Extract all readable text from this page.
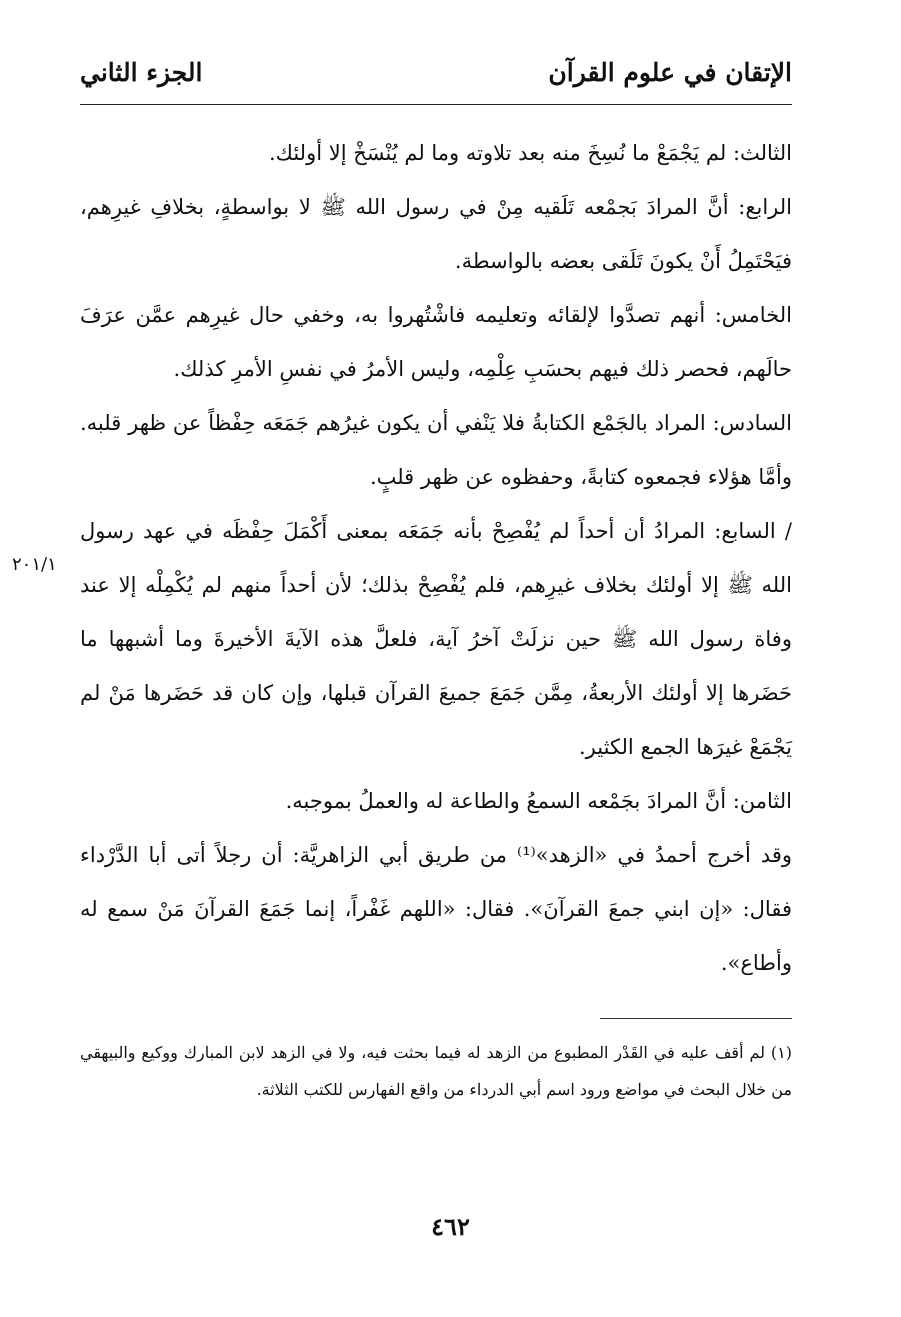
الإتقان في علوم القرآن
الجزء الثاني

الثالث: لم يَجْمَعْ ما نُسِخَ منه بعد تلاوته وما لم يُنْسَخْ إلا أولئك.

الرابع: أنَّ المرادَ بَجمْعه تَلَقيه مِنْ في رسول الله ﷺ لا بواسطةٍ، بخلافِ غيرِهم، فيَحْتَمِلُ أَنْ يكونَ تَلَقى بعضه بالواسطة.

الخامس: أنهم تصدَّوا لإلقائه وتعليمه فاشْتُهروا به، وخفي حال غيرِهم عمَّن عرَفَ حالَهم، فحصر ذلك فيهم بحسَبِ عِلْمِه، وليس الأمرُ في نفسِ الأمرِ كذلك.

السادس: المراد بالجَمْع الكتابةُ فلا يَنْفي أن يكون غيرُهم جَمَعَه حِفْظاً عن ظهر قلبه. وأمَّا هؤلاء فجمعوه كتابةً، وحفظوه عن ظهر قلبٍ.

/ السابع: المرادُ أن أحداً لم يُفْصِحْ بأنه جَمَعَه بمعنى أَكْمَلَ حِفْظَه في عهد رسول الله ﷺ إلا أولئك بخلاف غيرِهم، فلم يُفْصِحْ بذلك؛ لأن أحداً منهم لم يُكْمِلْه إلا عند وفاة رسول الله ﷺ حين نزلَتْ آخرُ آية، فلعلَّ هذه الآيةَ الأخيرةَ وما أشبهها ما حَضَرها إلا أولئك الأربعةُ، مِمَّن جَمَعَ جميعَ القرآن قبلها، وإن كان قد حَضَرها مَنْ لم يَجْمَعْ غيرَها الجمع الكثير.

الثامن: أنَّ المرادَ بجَمْعه السمعُ والطاعة له والعملُ بموجبه.

وقد أخرج أحمدُ في «الزهد»⁽¹⁾ من طريق أبي الزاهريَّة: أن رجلاً أتى أبا الدَّرْداء فقال: «إن ابني جمعَ القرآنَ». فقال: «اللهم غَفْراً، إنما جَمَعَ القرآنَ مَنْ سمع له وأطاع».

٢٠١/١

(١) لم أقف عليه في القَدْر المطبوع من الزهد له فيما بحثت فيه، ولا في الزهد لابن المبارك ووكيع والبيهقي من خلال البحث في مواضع ورود اسم أبي الدرداء من واقع الفهارس للكتب الثلاثة.

٤٦٢
